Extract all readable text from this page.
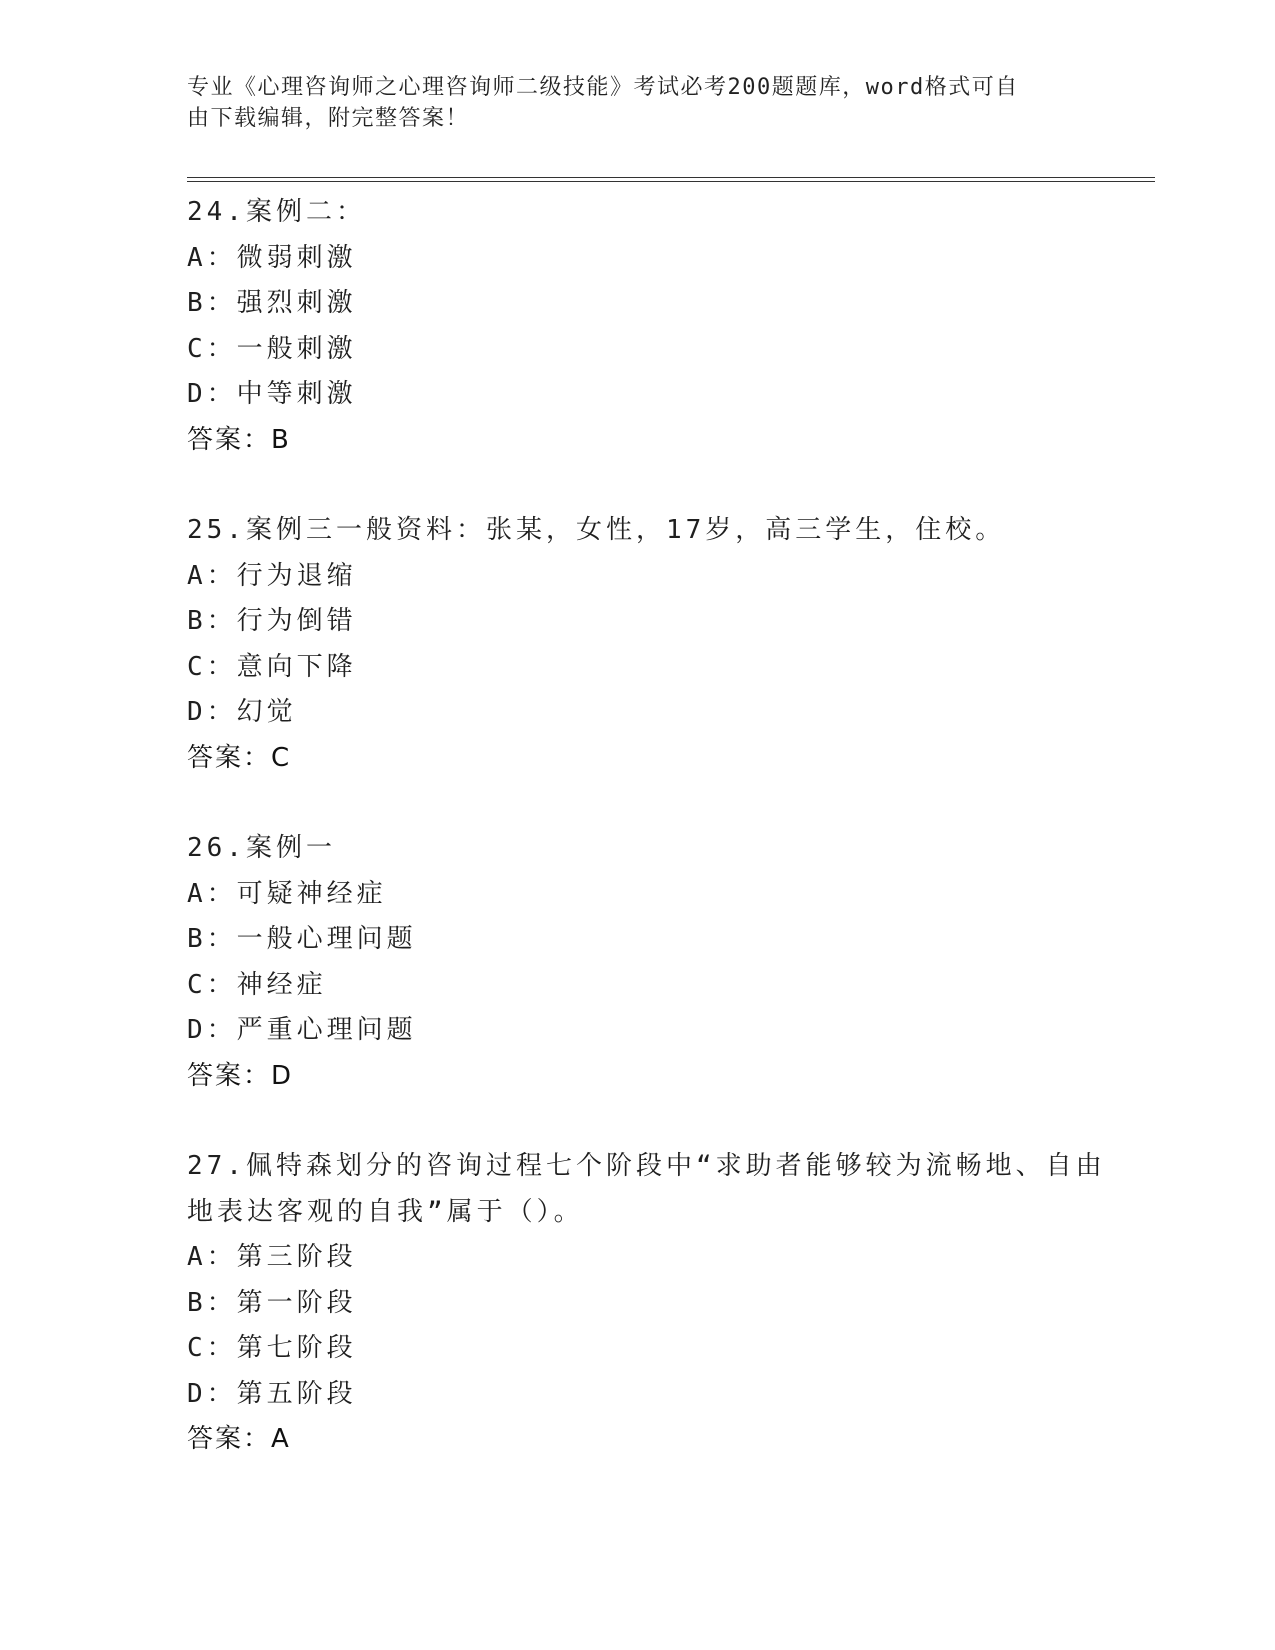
专业《心理咨询师之心理咨询师二级技能》考试必考200题题库，word格式可自
由下载编辑，附完整答案！
24.案例二：
A：微弱刺激
B：强烈刺激
C：一般刺激
D：中等刺激
答案：B
25.案例三一般资料：张某，女性，17岁，高三学生，住校。
A：行为退缩
B：行为倒错
C：意向下降
D：幻觉
答案：C
26.案例一
A：可疑神经症
B：一般心理问题
C：神经症
D：严重心理问题
答案：D
27.佩特森划分的咨询过程七个阶段中“求助者能够较为流畅地、自由
地表达客观的自我”属于（）。
A：第三阶段
B：第一阶段
C：第七阶段
D：第五阶段
答案：A
